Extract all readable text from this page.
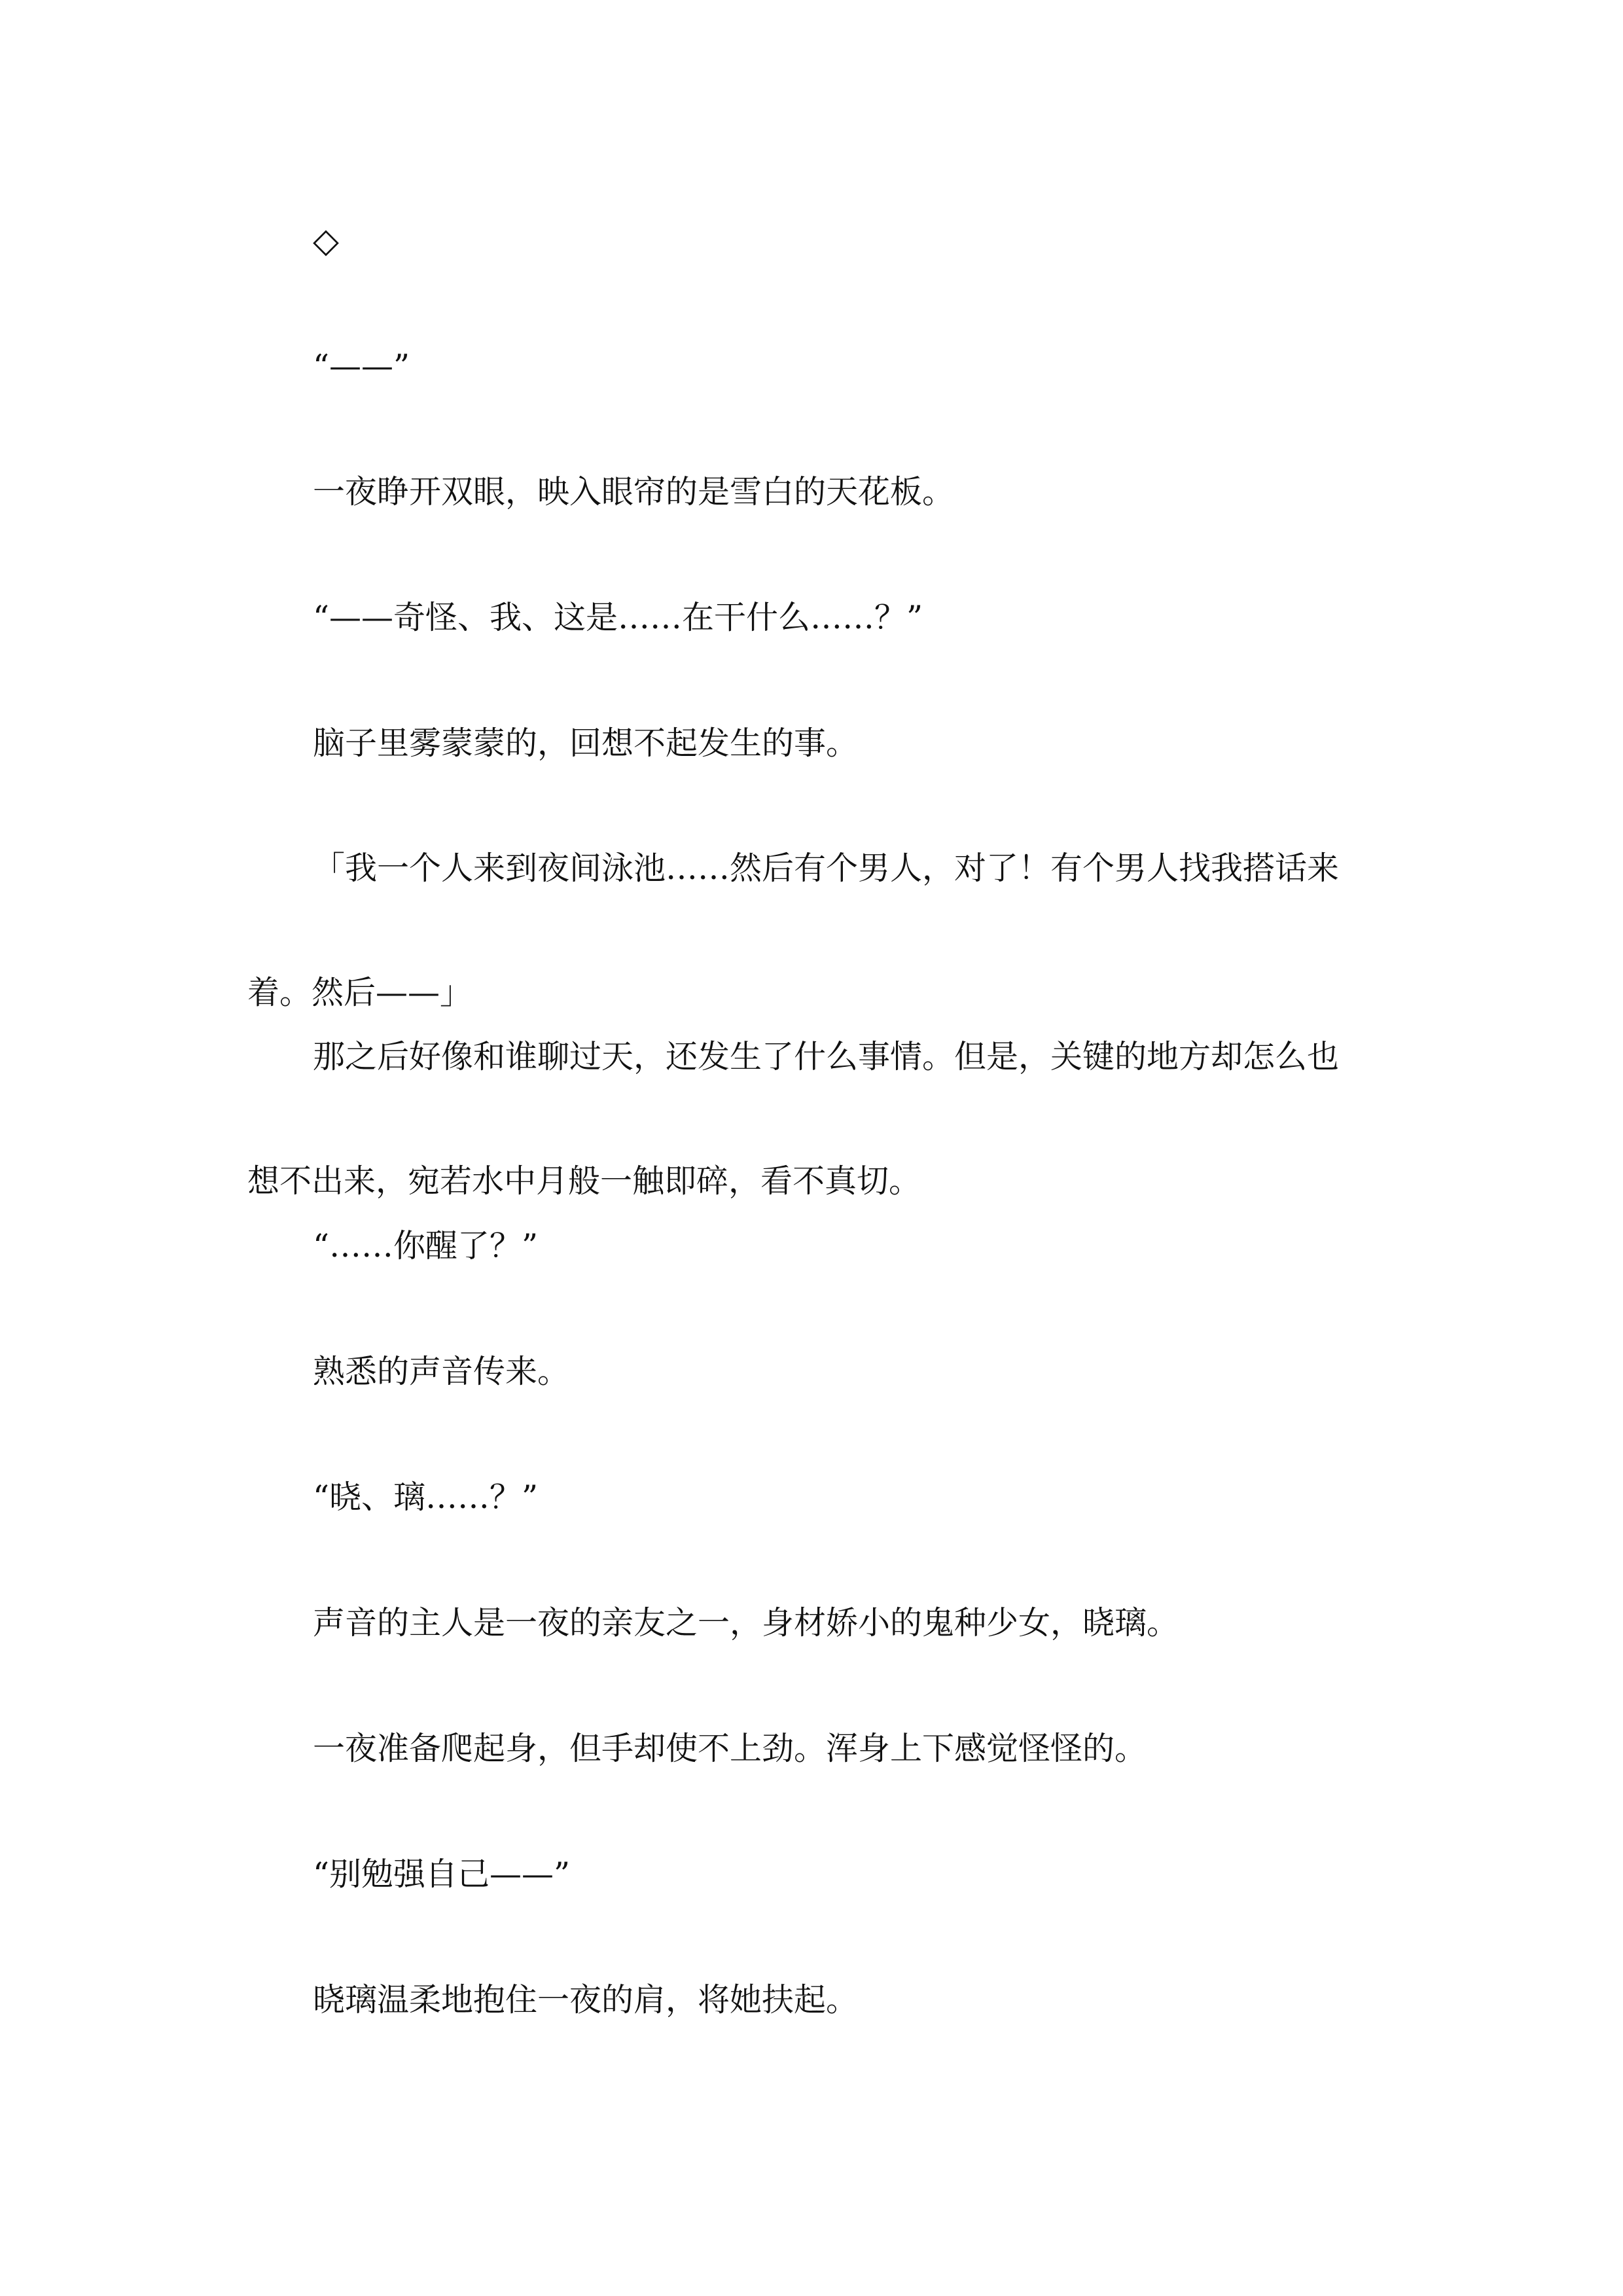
◇

“——”

一夜睁开双眼，映入眼帘的是雪白的天花板。

“——奇怪、我、这是……在干什么……？”

脑子里雾蒙蒙的，回想不起发生的事。

「我一个人来到夜间泳池……然后有个男人，对了！有个男人找我搭话来着。然后——」

那之后好像和谁聊过天，还发生了什么事情。但是，关键的地方却怎么也想不出来，宛若水中月般一触即碎，看不真切。

“……你醒了？”

熟悉的声音传来。

“晓、璃……？”

声音的主人是一夜的亲友之一，身材娇小的鬼种少女，晓璃。

一夜准备爬起身，但手却使不上劲。浑身上下感觉怪怪的。

“别勉强自己——”

晓璃温柔地抱住一夜的肩，将她扶起。
